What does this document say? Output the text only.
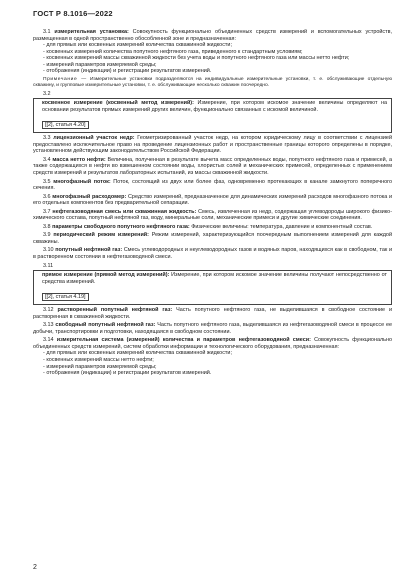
ГОСТ Р 8.1016—2022

3.1 измерительная установка: Совокупность функционально объединенных средств измерений и вспомогательных устройств, размещенная в одной пространственно обособленной зоне и предназначенная:

- для прямых или косвенных измерений количества скважинной жидкости;

- косвенных измерений количества попутного нефтяного газа, приведенного к стандартным условиям;

- косвенных измерений массы скважинной жидкости без учета воды и попутного нефтяного газа или массы нетто нефти;

- измерений параметров измеряемой среды;

- отображения (индикации) и регистрации результатов измерений.

Примечание — Измерительные установки подразделяются на индивидуальные измерительные установки, т. е. обслуживающие отдельную скважину, и групповые измерительные установки, т. е. обслуживающие несколько скважин поочередно.

3.2

косвенное измерение (косвенный метод измерений): Измерение, при котором искомое значение величины определяют на основании результатов прямых измерений других величин, функционально связанных с искомой величиной.

[[2], статья 4.20]

3.3 лицензионный участок недр: Геометризированный участок недр, на котором юридическому лицу в соответствии с лицензией предоставлено исключительное право на проведение лицензионных работ и пространственные границы которого определены в порядке, установленном действующим законодательством Российской Федерации.

3.4 масса нетто нефти: Величина, полученная в результате вычета масс определенных воды, попутного нефтяного газа и примесей, а также содержащихся в нефти во взвешенном состоянии воды, хлористых солей и механических примесей, определенных с применением средств измерений и результатов лабораторных испытаний, из массы скважинной жидкости.

3.5 многофазный поток: Поток, состоящий из двух или более фаз, одновременно протекающих в канале замкнутого поперечного сечения.

3.6 многофазный расходомер: Средство измерений, предназначенное для динамических измерений расходов многофазного потока и его отдельных компонентов без предварительной сепарации.

3.7 нефтегазоводяная смесь или скважинная жидкость: Смесь, извлеченная из недр, содержащая углеводороды широкого физико-химического состава, попутный нефтяной газ, воду, минеральные соли, механические примеси и другие химические соединения.

3.8 параметры свободного попутного нефтяного газа: Физические величины: температура, давление и компонентный состав.

3.9 периодический режим измерений: Режим измерений, характеризующийся поочередным выполнением измерений для каждой скважины.

3.10 попутный нефтяной газ: Смесь углеводородных и неуглеводородных газов и водяных паров, находящихся как в свободном, так и в растворенном состоянии в нефтегазоводяной смеси.

3.11

прямое измерение (прямой метод измерений): Измерение, при котором искомое значение величины получают непосредственно от средства измерений.

[[2], статья 4.19]

3.12 растворенный попутный нефтяной газ: Часть попутного нефтяного газа, не выделившаяся в свободное состояние и растворенная в скважинной жидкости.

3.13 свободный попутный нефтяной газ: Часть попутного нефтяного газа, выделившаяся из нефтегазоводяной смеси в процессе ее добычи, транспортировки и подготовки, находящаяся в свободном состоянии.

3.14 измерительная система (измерений) количества и параметров нефтегазоводяной смеси: Совокупность функционально объединенных средств измерений, систем обработки информации и технологического оборудования, предназначенная:

- для прямых или косвенных измерений количества скважинной жидкости;

- косвенных измерений массы нетто нефти;

- измерений параметров измеряемой среды;

- отображения (индикации) и регистрации результатов измерений.

2
